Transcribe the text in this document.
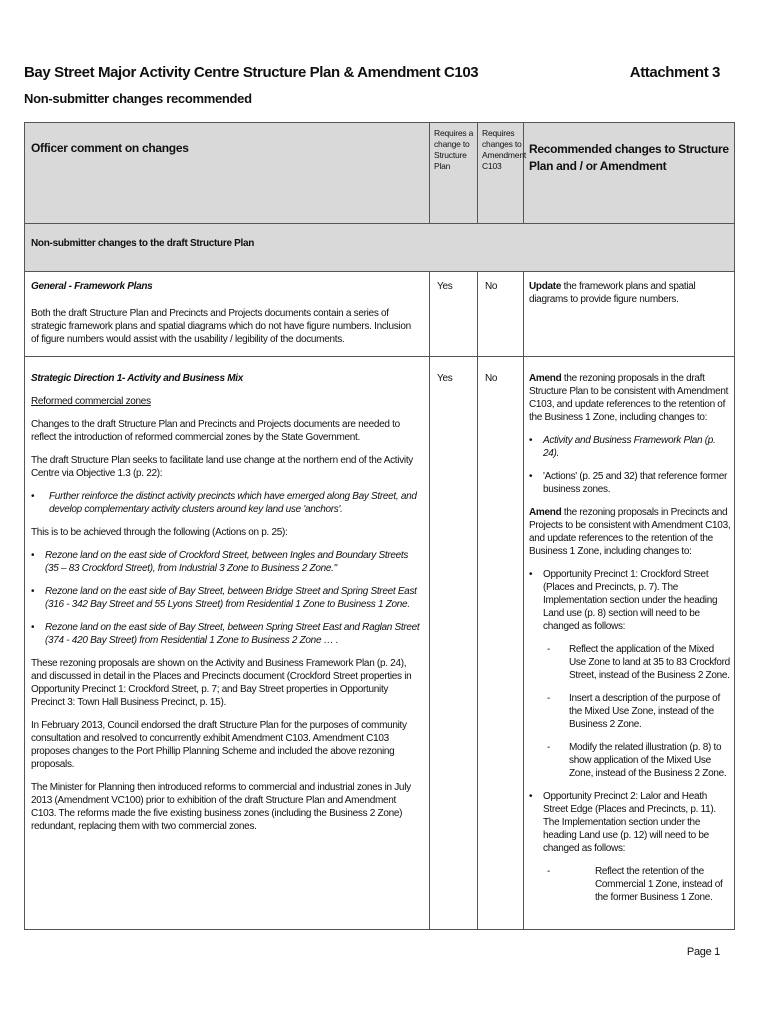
Bay Street Major Activity Centre Structure Plan & Amendment C103	Attachment 3
Non-submitter changes recommended
Officer comment on changes
Requires a change to Structure Plan
Requires changes to Amendment C103
Recommended changes to Structure Plan and / or Amendment
Non-submitter changes to the draft Structure Plan

General - Framework Plans

Both the draft Structure Plan and Precincts and Projects documents contain a series of strategic framework plans and spatial diagrams which do not have figure numbers. Inclusion of figure numbers would assist with the usability / legibility of the documents.

Yes	No	Update the framework plans and spatial diagrams to provide figure numbers.

Strategic Direction 1- Activity and Business Mix

Reformed commercial zones

Changes to the draft Structure Plan and Precincts and Projects documents are needed to reflect the introduction of reformed commercial zones by the State Government.

The draft Structure Plan seeks to facilitate land use change at the northern end of the Activity Centre via Objective 1.3 (p. 22):

• Further reinforce the distinct activity precincts which have emerged along Bay Street, and develop complementary activity clusters around key land use 'anchors'.

This is to be achieved through the following (Actions on p. 25):

• Rezone land on the east side of Crockford Street, between Ingles and Boundary Streets (35 – 83 Crockford Street), from Industrial 3 Zone to Business 2 Zone."

• Rezone land on the east side of Bay Street, between Bridge Street and Spring Street East (316 - 342 Bay Street and 55 Lyons Street) from Residential 1 Zone to Business 1 Zone.

• Rezone land on the east side of Bay Street, between Spring Street East and Raglan Street (374 - 420 Bay Street) from Residential 1 Zone to Business 2 Zone … .

These rezoning proposals are shown on the Activity and Business Framework Plan (p. 24), and discussed in detail in the Places and Precincts document (Crockford Street properties in Opportunity Precinct 1: Crockford Street, p. 7; and Bay Street properties in Opportunity Precinct 3: Town Hall Business Precinct, p. 15).

In February 2013, Council endorsed the draft Structure Plan for the purposes of community consultation and resolved to concurrently exhibit Amendment C103. Amendment C103 proposes changes to the Port Phillip Planning Scheme and included the above rezoning proposals.

The Minister for Planning then introduced reforms to commercial and industrial zones in July 2013 (Amendment VC100) prior to exhibition of the draft Structure Plan and Amendment C103. The reforms made the five existing business zones (including the Business 2 Zone) redundant, replacing them with two commercial zones.

Yes	No	Amend the rezoning proposals in the draft Structure Plan to be consistent with Amendment C103, and update references to the retention of the Business 1 Zone, including changes to:

• Activity and Business Framework Plan (p. 24).

• 'Actions' (p. 25 and 32) that reference former business zones.

Amend the rezoning proposals in Precincts and Projects to be consistent with Amendment C103, and update references to the retention of the Business 1 Zone, including changes to:

• Opportunity Precinct 1: Crockford Street (Places and Precincts, p. 7). The Implementation section under the heading Land use (p. 8) section will need to be changed as follows:

- Reflect the application of the Mixed Use Zone to land at 35 to 83 Crockford Street, instead of the Business 2 Zone.

- Insert a description of the purpose of the Mixed Use Zone, instead of the Business 2 Zone.

- Modify the related illustration (p. 8) to show application of the Mixed Use Zone, instead of the Business 2 Zone.

• Opportunity Precinct 2: Lalor and Heath Street Edge (Places and Precincts, p. 11). The Implementation section under the heading Land use (p. 12) will need to be changed as follows:

- Reflect the retention of the Commercial 1 Zone, instead of the former Business 1 Zone.

Page 1
